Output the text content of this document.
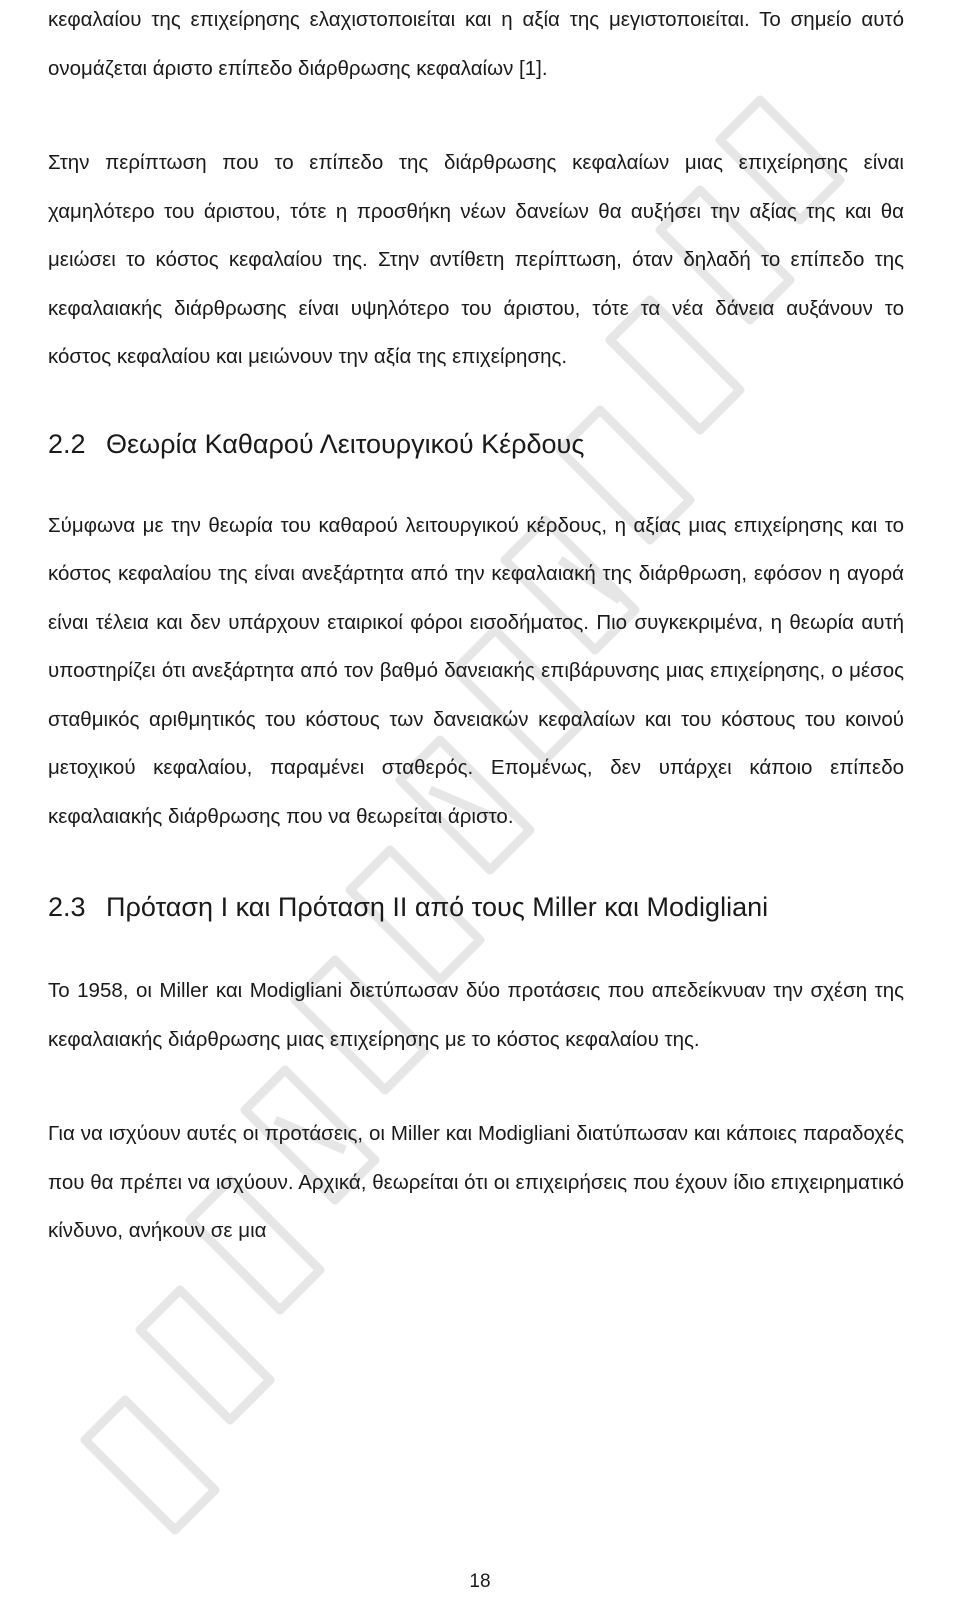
κεφαλαίου της επιχείρησης ελαχιστοποιείται και η αξία της μεγιστοποιείται. Το σημείο αυτό ονομάζεται άριστο επίπεδο διάρθρωσης κεφαλαίων [1].

Στην περίπτωση που το επίπεδο της διάρθρωσης κεφαλαίων μιας επιχείρησης είναι χαμηλότερο του άριστου, τότε η προσθήκη νέων δανείων θα αυξήσει την αξίας της και θα μειώσει το κόστος κεφαλαίου της. Στην αντίθετη περίπτωση, όταν δηλαδή το επίπεδο της κεφαλαιακής διάρθρωσης είναι υψηλότερο του άριστου, τότε τα νέα δάνεια αυξάνουν το κόστος κεφαλαίου και μειώνουν την αξία της επιχείρησης.

2.2 Θεωρία Καθαρού Λειτουργικού Κέρδους

Σύμφωνα με την θεωρία του καθαρού λειτουργικού κέρδους, η αξίας μιας επιχείρησης και το κόστος κεφαλαίου της είναι ανεξάρτητα από την κεφαλαιακή της διάρθρωση, εφόσον η αγορά είναι τέλεια και δεν υπάρχουν εταιρικοί φόροι εισοδήματος. Πιο συγκεκριμένα, η θεωρία αυτή υποστηρίζει ότι ανεξάρτητα από τον βαθμό δανειακής επιβάρυνσης μιας επιχείρησης, ο μέσος σταθμικός αριθμητικός του κόστους των δανειακών κεφαλαίων και του κόστους του κοινού μετοχικού κεφαλαίου, παραμένει σταθερός. Επομένως, δεν υπάρχει κάποιο επίπεδο κεφαλαιακής διάρθρωσης που να θεωρείται άριστο.

2.3 Πρόταση Ι και Πρόταση ΙΙ από τους Miller και Modigliani

Το 1958, οι Miller και Modigliani διετύπωσαν δύο προτάσεις που απεδείκνυαν την σχέση της κεφαλαιακής διάρθρωσης μιας επιχείρησης με το κόστος κεφαλαίου της.

Για να ισχύουν αυτές οι προτάσεις, οι Miller και Modigliani διατύπωσαν και κάποιες παραδοχές που θα πρέπει να ισχύουν. Αρχικά, θεωρείται ότι οι επιχειρήσεις που έχουν ίδιο επιχειρηματικό κίνδυνο, ανήκουν σε μια

18
